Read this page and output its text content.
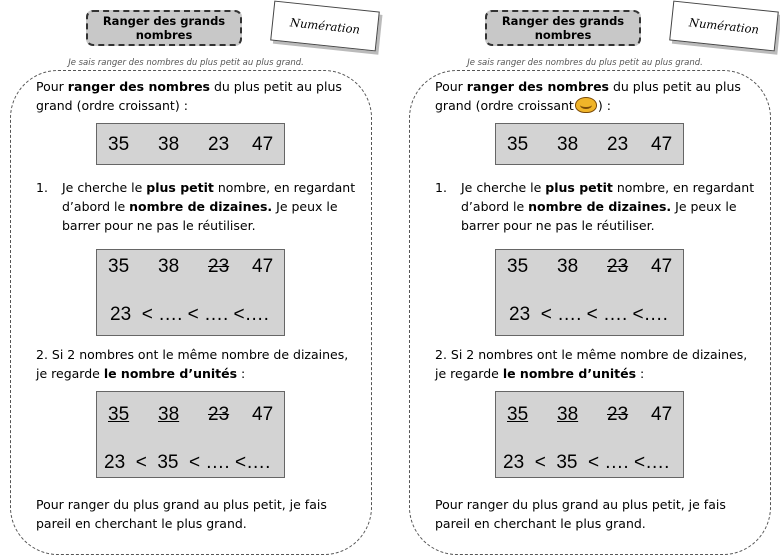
Ranger des grands nombres	Numération
Je sais ranger des nombres du plus petit au plus grand.
Pour ranger des nombres du plus petit au plus grand (ordre croissant) :
35 38 23 47
1. Je cherche le plus petit nombre, en regardant d’abord le nombre de dizaines. Je peux le barrer pour ne pas le réutiliser.
35 38 23 47
23  < …. < …. <….
2. Si 2 nombres ont le même nombre de dizaines, je regarde le nombre d’unités :
35 38 23 47
23  <  35  < …. <….
Pour ranger du plus grand au plus petit, je fais pareil en cherchant le plus grand.
Ranger des grands nombres	Numération
Je sais ranger des nombres du plus petit au plus grand.
Pour ranger des nombres du plus petit au plus grand (ordre croissant ) :
35 38 23 47
1. Je cherche le plus petit nombre, en regardant d’abord le nombre de dizaines. Je peux le barrer pour ne pas le réutiliser.
35 38 23 47
23  < …. < …. <….
2. Si 2 nombres ont le même nombre de dizaines, je regarde le nombre d’unités :
35 38 23 47
23  <  35  < …. <….
Pour ranger du plus grand au plus petit, je fais pareil en cherchant le plus grand.
